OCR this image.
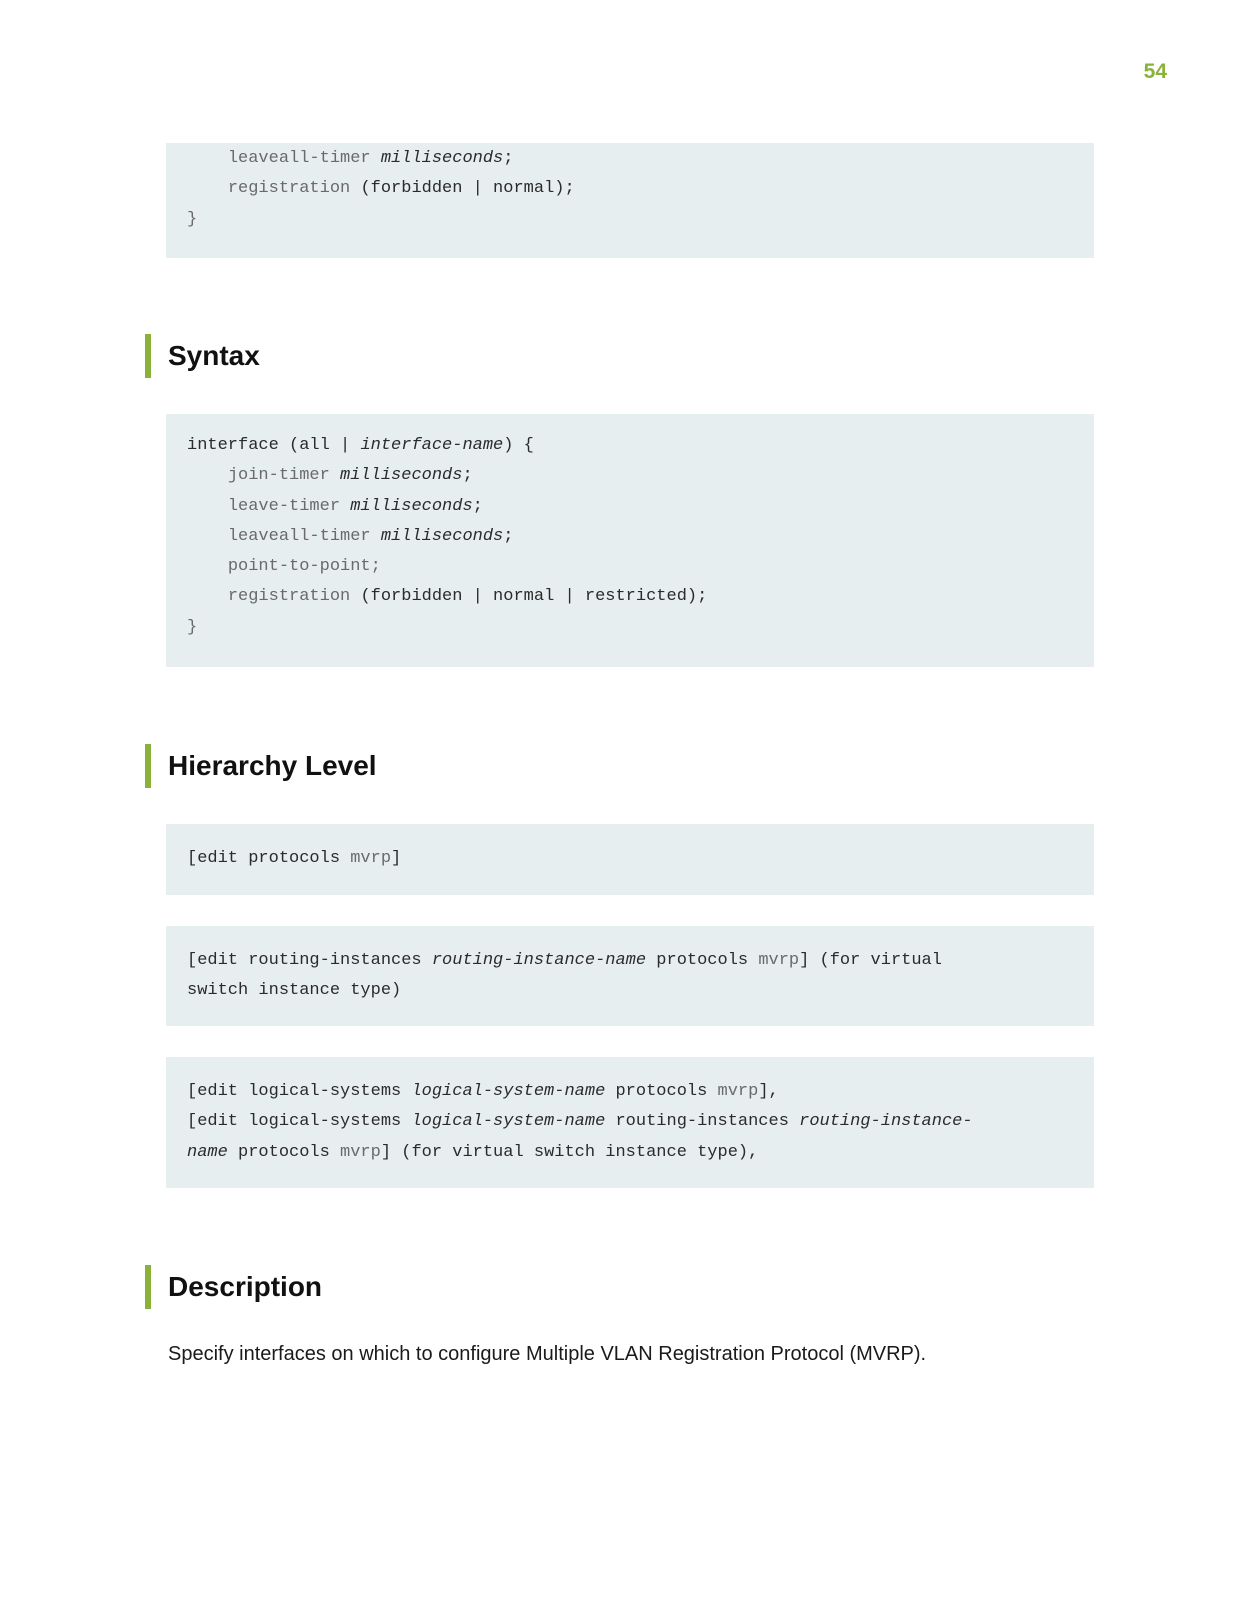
54
leaveall-timer milliseconds;
registration (forbidden | normal);
}
Syntax
interface (all | interface-name) {
join-timer milliseconds;
leave-timer milliseconds;
leaveall-timer milliseconds;
point-to-point;
registration (forbidden | normal | restricted);
}
Hierarchy Level
[edit protocols mvrp]
[edit routing-instances routing-instance-name protocols mvrp] (for virtual
switch instance type)
[edit logical-systems logical-system-name protocols mvrp],
[edit logical-systems logical-system-name routing-instances routing-instance-
name protocols mvrp] (for virtual switch instance type),
Description
Specify interfaces on which to configure Multiple VLAN Registration Protocol (MVRP).
